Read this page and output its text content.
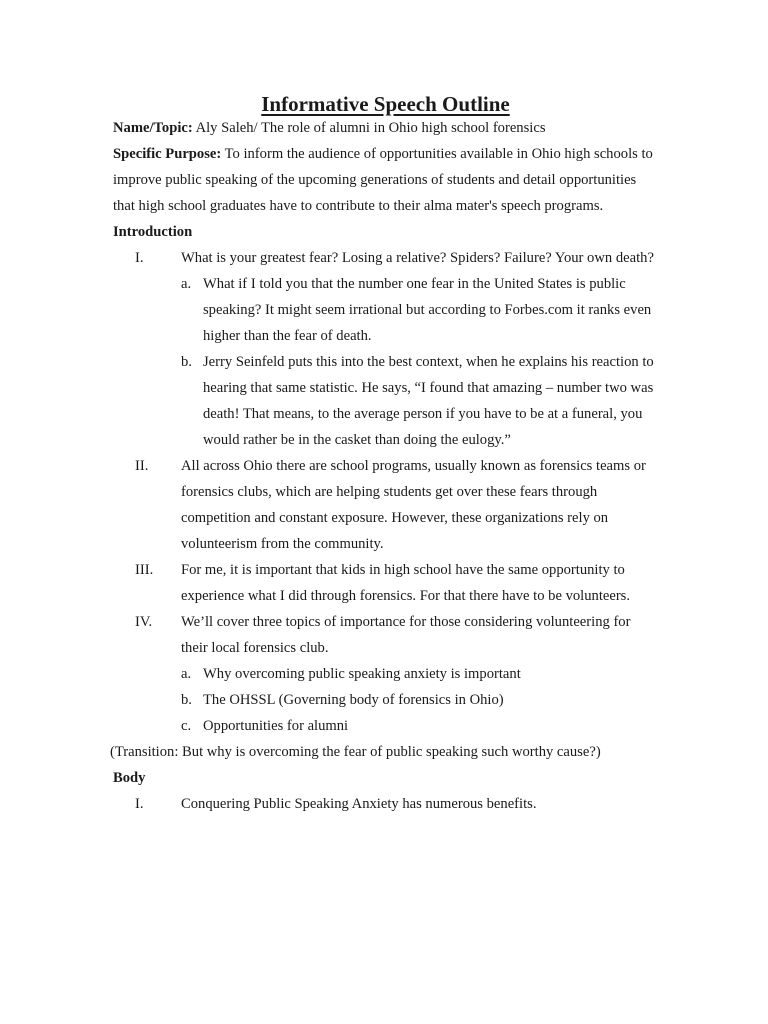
Informative Speech Outline

Name/Topic: Aly Saleh/ The role of alumni in Ohio high school forensics

Specific Purpose: To inform the audience of opportunities available in Ohio high schools to improve public speaking of the upcoming generations of students and detail opportunities that high school graduates have to contribute to their alma mater's speech programs.

Introduction

I.	What is your greatest fear? Losing a relative? Spiders? Failure? Your own death?

a. What if I told you that the number one fear in the United States is public speaking? It might seem irrational but according to Forbes.com it ranks even higher than the fear of death.

b. Jerry Seinfeld puts this into the best context, when he explains his reaction to hearing that same statistic. He says, “I found that amazing – number two was death! That means, to the average person if you have to be at a funeral, you would rather be in the casket than doing the eulogy.”

II. All across Ohio there are school programs, usually known as forensics teams or forensics clubs, which are helping students get over these fears through competition and constant exposure. However, these organizations rely on volunteerism from the community.

III. For me, it is important that kids in high school have the same opportunity to experience what I did through forensics. For that there have to be volunteers.

IV. We’ll cover three topics of importance for those considering volunteering for their local forensics club.

a. Why overcoming public speaking anxiety is important

b. The OHSSL (Governing body of forensics in Ohio)

c. Opportunities for alumni

(Transition: But why is overcoming the fear of public speaking such worthy cause?)

Body

I.	Conquering Public Speaking Anxiety has numerous benefits.
